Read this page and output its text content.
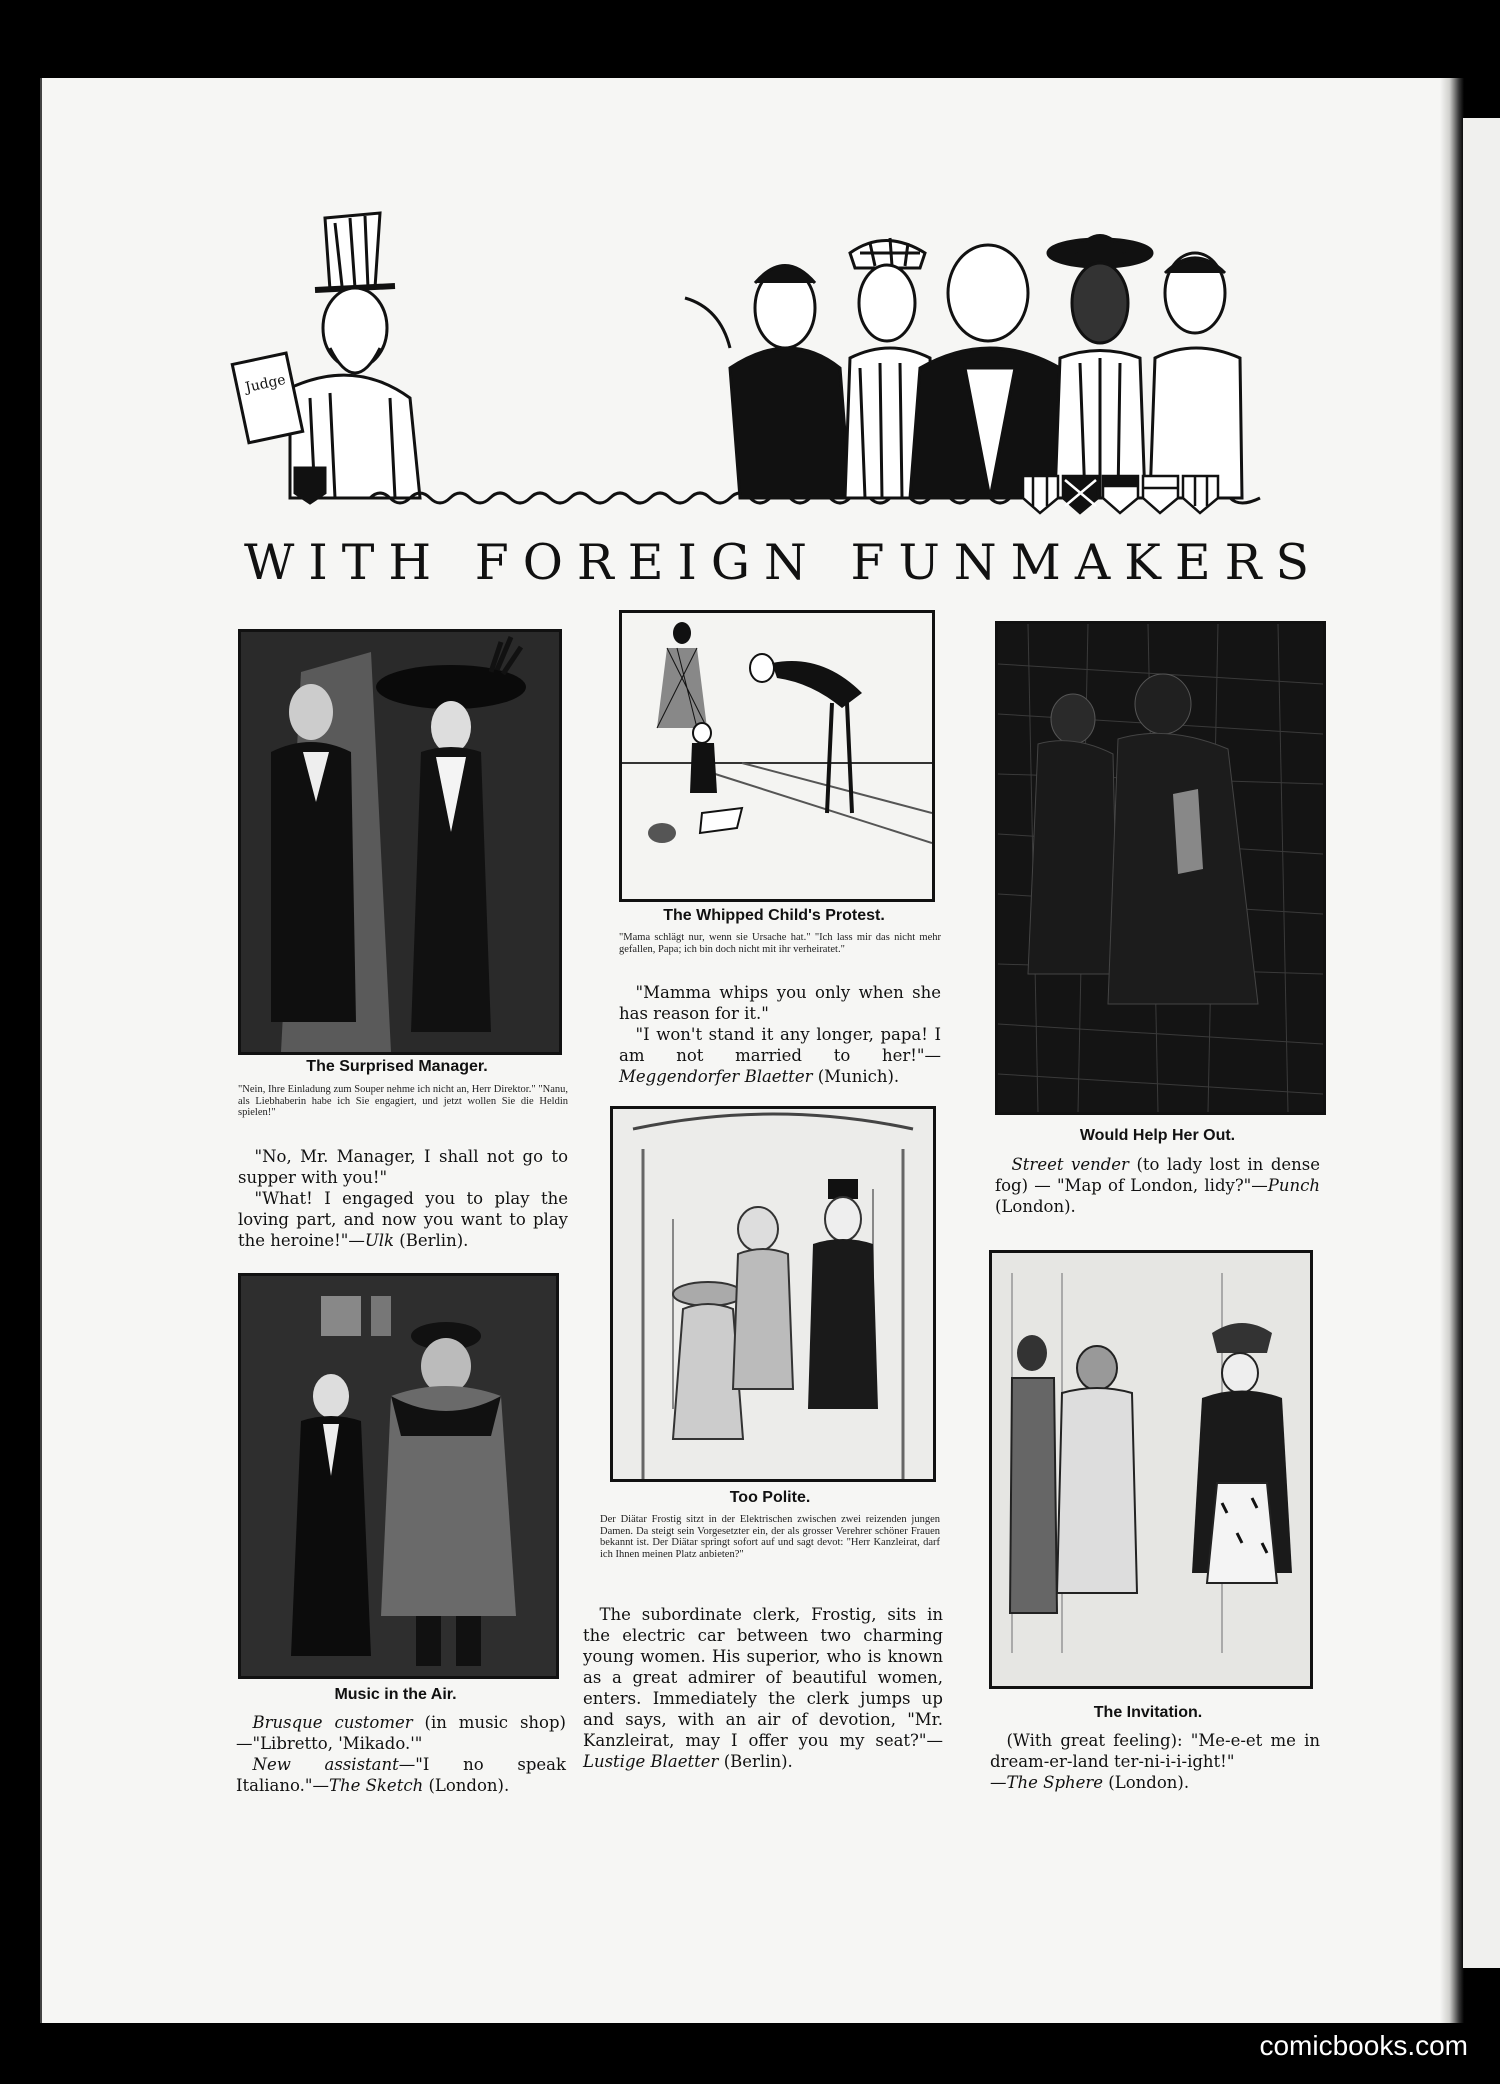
Judge
WITH FOREIGN FUNMAKERS
The Surprised Manager.
"Nein, Ihre Einladung zum Souper nehme ich nicht an, Herr Direktor." "Nanu, als Liebhaberin habe ich Sie engagiert, und jetzt wollen Sie die Heldin spielen!"

"No, Mr. Manager, I shall not go to supper with you!"

"What! I engaged you to play the loving part, and now you want to play the heroine!"—Ulk (Berlin).

Music in the Air.

Brusque customer (in music shop) —"Libretto, 'Mikado.'"

New assistant—"I no speak Italiano."—The Sketch (London).

The Whipped Child's Protest.
"Mama schlägt nur, wenn sie Ursache hat." "Ich lass mir das nicht mehr gefallen, Papa; ich bin doch nicht mit ihr verheiratet."

"Mamma whips you only when she has reason for it."

"I won't stand it any longer, papa! I am not married to her!"—Meggendorfer Blaetter (Munich).

Too Polite.
Der Diätar Frostig sitzt in der Elektrischen zwischen zwei reizenden jungen Damen. Da steigt sein Vorgesetzter ein, der als grosser Verehrer schöner Frauen bekannt ist. Der Diätar springt sofort auf und sagt devot: "Herr Kanzleirat, darf ich Ihnen meinen Platz anbieten?"

The subordinate clerk, Frostig, sits in the electric car between two charming young women. His superior, who is known as a great admirer of beautiful women, enters. Immediately the clerk jumps up and says, with an air of devotion, "Mr. Kanzleirat, may I offer you my seat?"—Lustige Blaetter (Berlin).

Would Help Her Out.

Street vender (to lady lost in dense fog) — "Map of London, lidy?"—Punch (London).

The Invitation.

(With great feeling): "Me-e-et me in dream-er-land ter-ni-i-i-ight!"

—The Sphere (London).

comicbooks.com
